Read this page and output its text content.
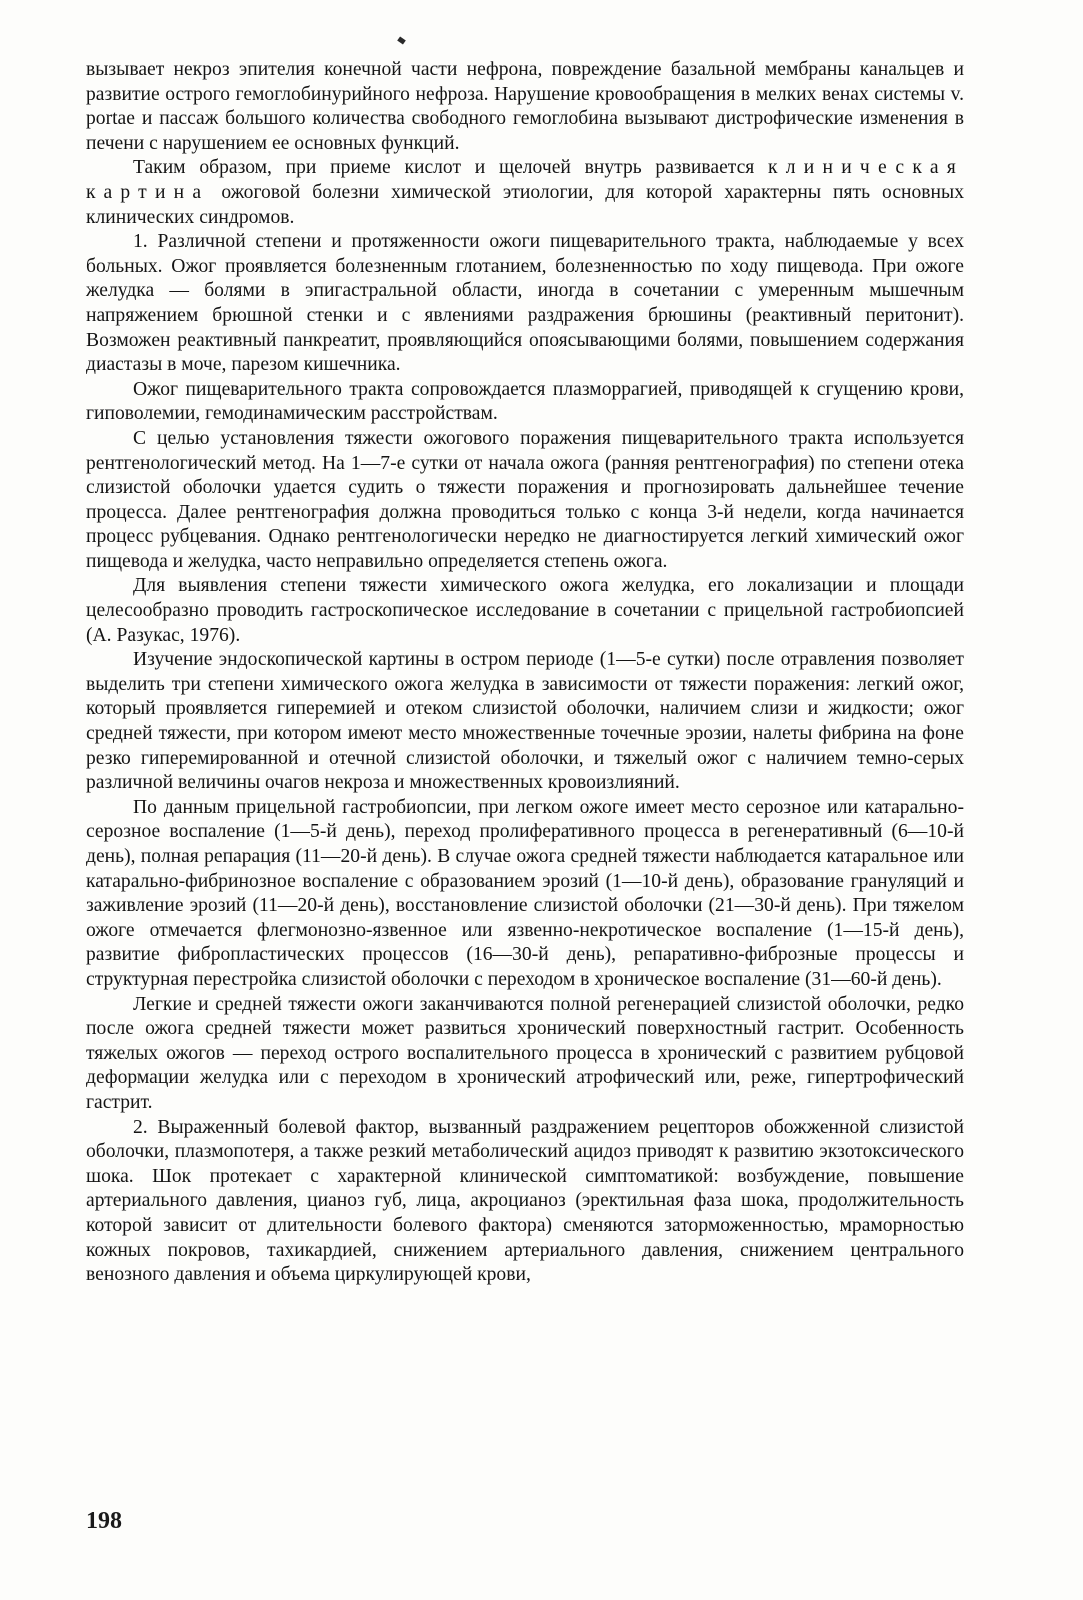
вызывает некроз эпителия конечной части нефрона, повреждение базальной мембраны канальцев и развитие острого гемоглобинурийного нефроза. Нарушение кровообращения в мелких венах системы v. portae и пассаж большого количества свободного гемоглобина вызывают дистрофические изменения в печени с нарушением ее основных функций.

Таким образом, при приеме кислот и щелочей внутрь развивается клиническая картина ожоговой болезни химической этиологии, для которой характерны пять основных клинических синдромов.

1. Различной степени и протяженности ожоги пищеварительного тракта, наблюдаемые у всех больных. Ожог проявляется болезненным глотанием, болезненностью по ходу пищевода. При ожоге желудка — болями в эпигастральной области, иногда в сочетании с умеренным мышечным напряжением брюшной стенки и с явлениями раздражения брюшины (реактивный перитонит). Возможен реактивный панкреатит, проявляющийся опоясывающими болями, повышением содержания диастазы в моче, парезом кишечника.

Ожог пищеварительного тракта сопровождается плазморрагией, приводящей к сгущению крови, гиповолемии, гемодинамическим расстройствам.

С целью установления тяжести ожогового поражения пищеварительного тракта используется рентгенологический метод. На 1—7-е сутки от начала ожога (ранняя рентгенография) по степени отека слизистой оболочки удается судить о тяжести поражения и прогнозировать дальнейшее течение процесса. Далее рентгенография должна проводиться только с конца 3-й недели, когда начинается процесс рубцевания. Однако рентгенологически нередко не диагностируется легкий химический ожог пищевода и желудка, часто неправильно определяется степень ожога.

Для выявления степени тяжести химического ожога желудка, его локализации и площади целесообразно проводить гастроскопическое исследование в сочетании с прицельной гастробиопсией (А. Разукас, 1976).

Изучение эндоскопической картины в остром периоде (1—5-е сутки) после отравления позволяет выделить три степени химического ожога желудка в зависимости от тяжести поражения: легкий ожог, который проявляется гиперемией и отеком слизистой оболочки, наличием слизи и жидкости; ожог средней тяжести, при котором имеют место множественные точечные эрозии, налеты фибрина на фоне резко гиперемированной и отечной слизистой оболочки, и тяжелый ожог с наличием темно-серых различной величины очагов некроза и множественных кровоизлияний.

По данным прицельной гастробиопсии, при легком ожоге имеет место серозное или катарально-серозное воспаление (1—5-й день), переход пролиферативного процесса в регенеративный (6—10-й день), полная репарация (11—20-й день). В случае ожога средней тяжести наблюдается катаральное или катарально-фибринозное воспаление с образованием эрозий (1—10-й день), образование грануляций и заживление эрозий (11—20-й день), восстановление слизистой оболочки (21—30-й день). При тяжелом ожоге отмечается флегмонозно-язвенное или язвенно-некротическое воспаление (1—15-й день), развитие фибропластических процессов (16—30-й день), репаративно-фиброзные процессы и структурная перестройка слизистой оболочки с переходом в хроническое воспаление (31—60-й день).

Легкие и средней тяжести ожоги заканчиваются полной регенерацией слизистой оболочки, редко после ожога средней тяжести может развиться хронический поверхностный гастрит. Особенность тяжелых ожогов — переход острого воспалительного процесса в хронический с развитием рубцовой деформации желудка или с переходом в хронический атрофический или, реже, гипертрофический гастрит.

2. Выраженный болевой фактор, вызванный раздражением рецепторов обожженной слизистой оболочки, плазмопотеря, а также резкий метаболический ацидоз приводят к развитию экзотоксического шока. Шок протекает с характерной клинической симптоматикой: возбуждение, повышение артериального давления, цианоз губ, лица, акроцианоз (эректильная фаза шока, продолжительность которой зависит от длительности болевого фактора) сменяются заторможенностью, мраморностью кожных покровов, тахикардией, снижением артериального давления, снижением центрального венозного давления и объема циркулирующей крови,

198
